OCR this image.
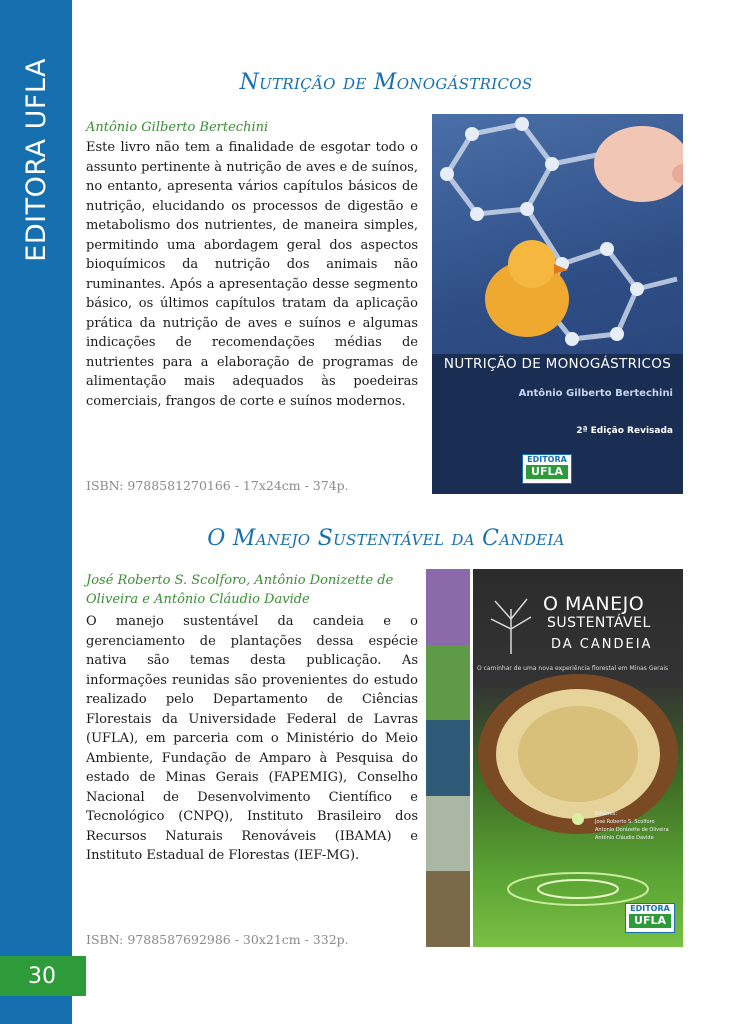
EDITORA UFLA
30
Nutrição de Monogástricos

Antônio Gilberto Bertechini

Este livro não tem a finalidade de esgotar todo o assunto pertinente à nutrição de aves e de suínos, no entanto, apresenta vários capítulos básicos de nutrição, elucidando os processos de digestão e metabolismo dos nutrientes, de maneira simples, permitindo uma abordagem geral dos aspectos bioquímicos da nutrição dos animais não ruminantes. Após a apresentação desse segmento básico, os últimos capítulos tratam da aplicação prática da nutrição de aves e suínos e algumas indicações de recomendações médias de nutrientes para a elaboração de programas de alimentação mais adequados às poedeiras comerciais, frangos de corte e suínos modernos.

ISBN: 9788581270166 - 17x24cm - 374p.

NUTRIÇÃO DE MONOGÁSTRICOS
Antônio Gilberto Bertechini
2ª Edição Revisada
EDITORA
UFLA
O Manejo Sustentável da Candeia

José Roberto S. Scolforo, Antônio Donizette de Oliveira e Antônio Cláudio Davide

O manejo sustentável da candeia e o gerenciamento de plantações dessa espécie nativa são temas desta publicação. As informações reunidas são provenientes do estudo realizado pelo Departamento de Ciências Florestais da Universidade Federal de Lavras (UFLA), em parceria com o Ministério do Meio Ambiente, Fundação de Amparo à Pesquisa do estado de Minas Gerais (FAPEMIG), Conselho Nacional de Desenvolvimento Científico e Tecnológico (CNPQ), Instituto Brasileiro dos Recursos Naturais Renováveis (IBAMA) e Instituto Estadual de Florestas (IEF-MG).

ISBN: 9788587692986 - 30x21cm - 332p.

O MANEJO
SUSTENTÁVEL
DA CANDEIA
O caminhar de uma nova experiência florestal em Minas Gerais
Editores:
José Roberto S. Scolforo
Antonio Donizette de Oliveira
Antônio Cláudio Davide
EDITORA
UFLA
